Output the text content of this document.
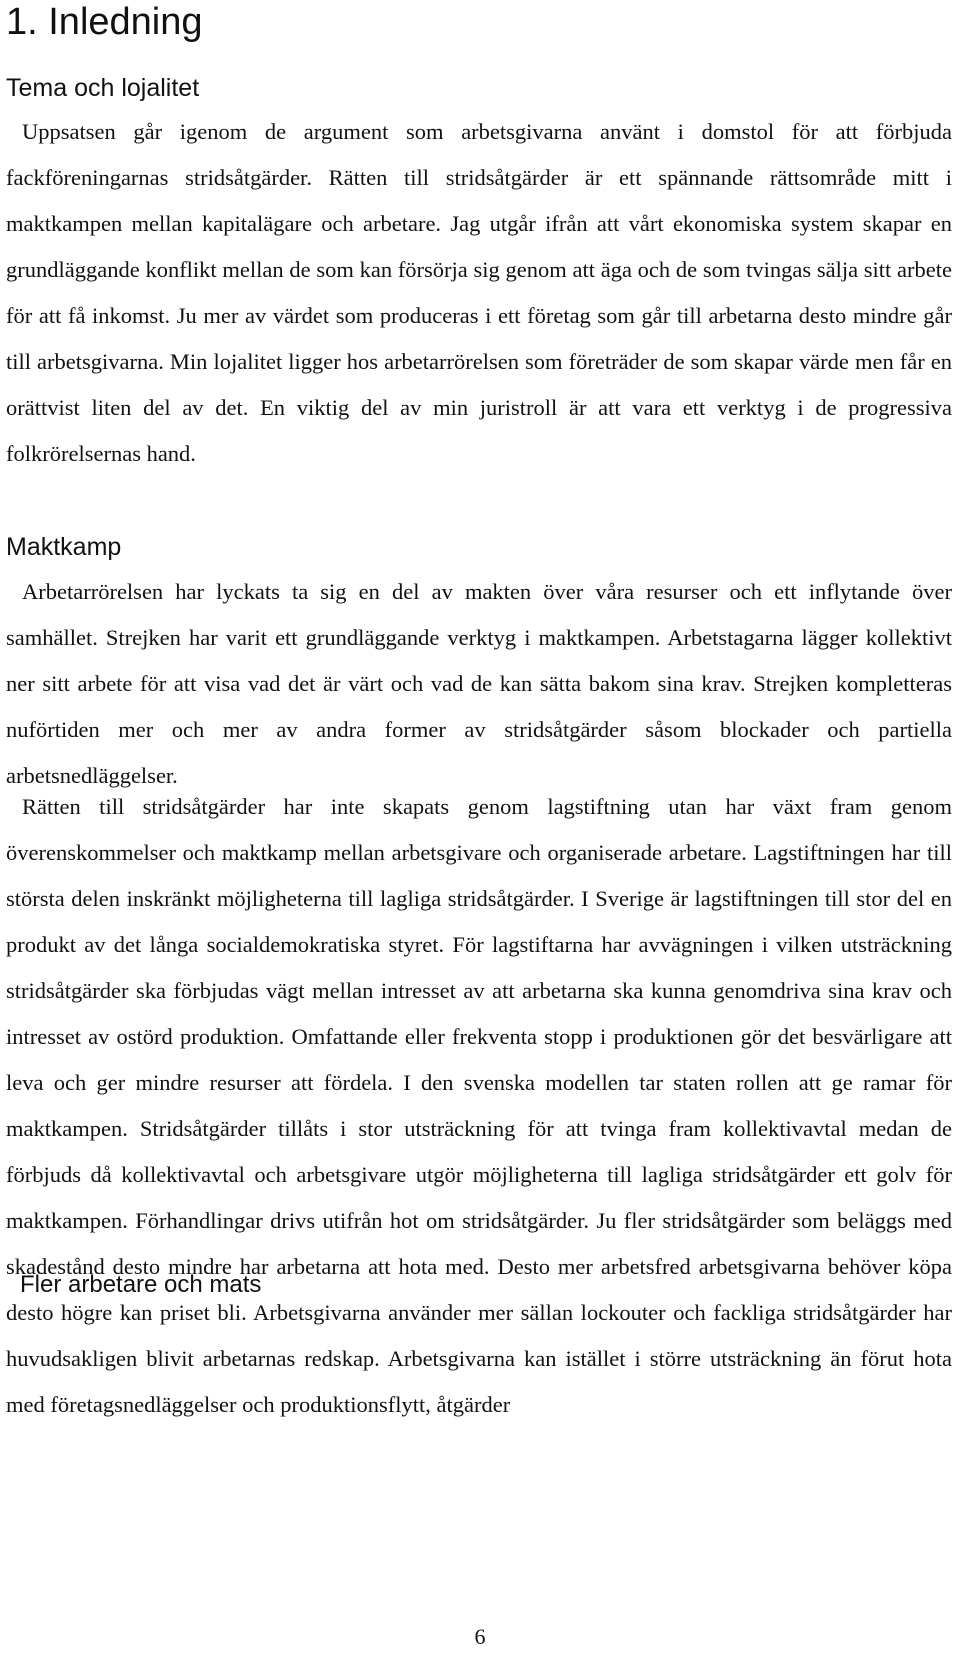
1. Inledning
Tema och lojalitet

Uppsatsen går igenom de argument som arbetsgivarna använt i domstol för att förbjuda fackföreningarnas stridsåtgärder. Rätten till stridsåtgärder är ett spännande rättsområde mitt i maktkampen mellan kapitalägare och arbetare. Jag utgår ifrån att vårt ekonomiska system skapar en grundläggande konflikt mellan de som kan försörja sig genom att äga och de som tvingas sälja sitt arbete för att få inkomst. Ju mer av värdet som produceras i ett företag som går till arbetarna desto mindre går till arbetsgivarna. Min lojalitet ligger hos arbetarrörelsen som företräder de som skapar värde men får en orättvist liten del av det. En viktig del av min juristroll är att vara ett verktyg i de progressiva folkrörelsernas hand.

Maktkamp

Arbetarrörelsen har lyckats ta sig en del av makten över våra resurser och ett inflytande över samhället. Strejken har varit ett grundläggande verktyg i maktkampen. Arbetstagarna lägger kollektivt ner sitt arbete för att visa vad det är värt och vad de kan sätta bakom sina krav. Strejken kompletteras nuförtiden mer och mer av andra former av stridsåtgärder såsom blockader och partiella arbetsnedläggelser.

Rätten till stridsåtgärder har inte skapats genom lagstiftning utan har växt fram genom överenskommelser och maktkamp mellan arbetsgivare och organiserade arbetare. Lagstiftningen har till största delen inskränkt möjligheterna till lagliga stridsåtgärder. I Sverige är lagstiftningen till stor del en produkt av det långa socialdemokratiska styret. För lagstiftarna har avvägningen i vilken utsträckning stridsåtgärder ska förbjudas vägt mellan intresset av att arbetarna ska kunna genomdriva sina krav och intresset av ostörd produktion. Omfattande eller frekventa stopp i produktionen gör det besvärligare att leva och ger mindre resurser att fördela. I den svenska modellen tar staten rollen att ge ramar för maktkampen. Stridsåtgärder tillåts i stor utsträckning för att tvinga fram kollektivavtal medan de förbjuds då kollektivavtal och arbetsgivare utgör möjligheterna till lagliga stridsåtgärder ett golv för maktkampen. Förhandlingar drivs utifrån hot om stridsåtgärder. Ju fler stridsåtgärder som beläggs med skadestånd desto mindre har arbetarna att hota med. Desto mer arbetsfred arbetsgivarna behöver köpa desto högre kan priset bli. Arbetsgivarna använder mer sällan lockouter och fackliga stridsåtgärder har huvudsakligen blivit arbetarnas redskap. Arbetsgivarna kan istället i större utsträckning än förut hota med företagsnedläggelser och produktionsflytt, åtgärder

Fler arbetare och mats
6
